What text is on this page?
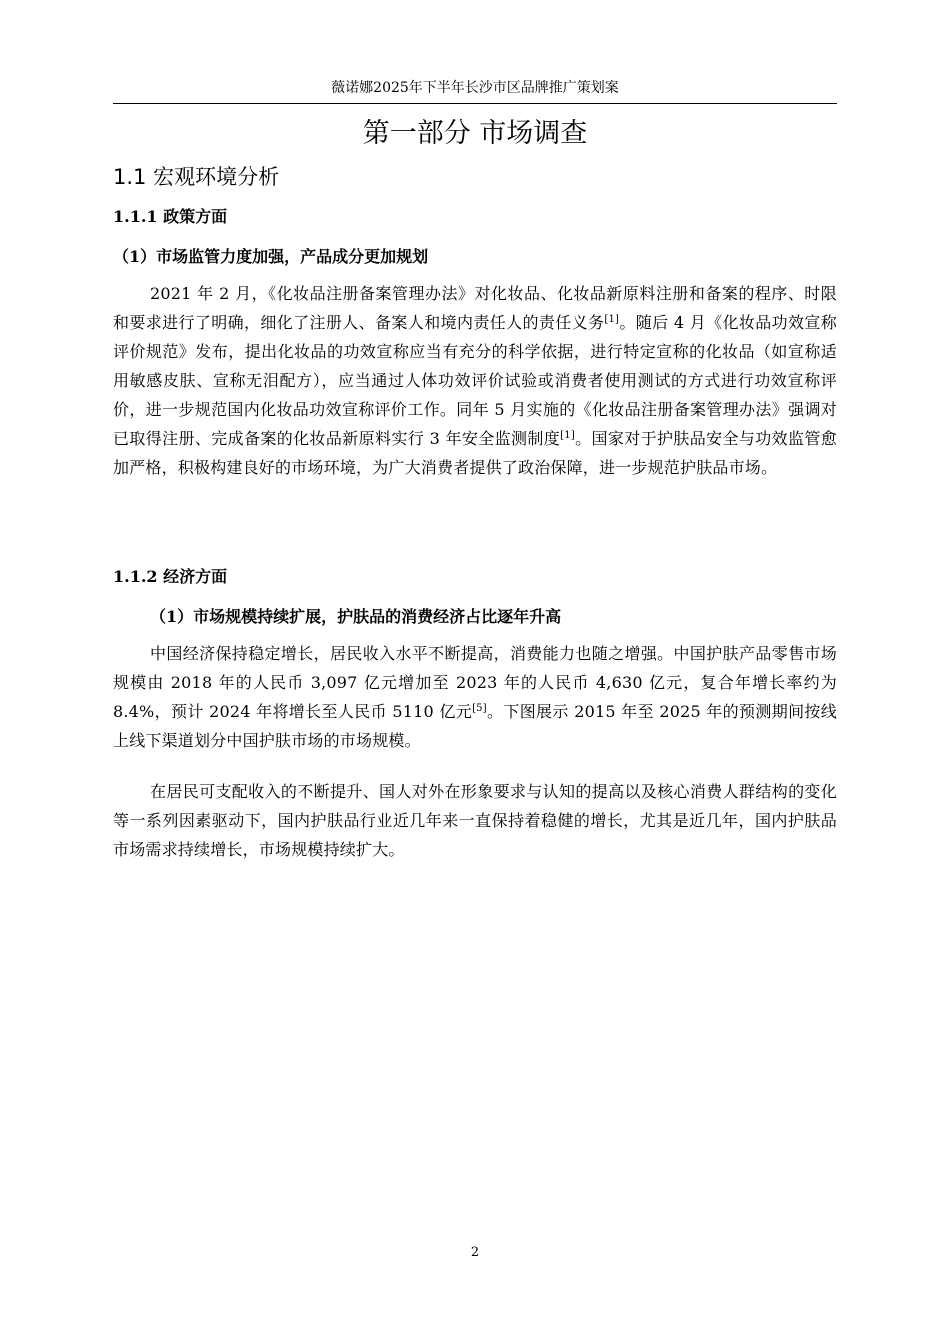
薇诺娜2025年下半年长沙市区品牌推广策划案
第一部分 市场调查
1.1 宏观环境分析
1.1.1 政策方面
（1）市场监管力度加强，产品成分更加规划

2021 年 2 月，《化妆品注册备案管理办法》对化妆品、化妆品新原料注册和备案的程序、时限和要求进行了明确，细化了注册人、备案人和境内责任人的责任义务[1]。随后 4 月《化妆品功效宣称评价规范》发布，提出化妆品的功效宣称应当有充分的科学依据，进行特定宣称的化妆品（如宣称适用敏感皮肤、宣称无泪配方），应当通过人体功效评价试验或消费者使用测试的方式进行功效宣称评价，进一步规范国内化妆品功效宣称评价工作。同年 5 月实施的《化妆品注册备案管理办法》强调对已取得注册、完成备案的化妆品新原料实行 3 年安全监测制度[1]。国家对于护肤品安全与功效监管愈加严格，积极构建良好的市场环境，为广大消费者提供了政治保障，进一步规范护肤品市场。

1.1.2 经济方面
（1）市场规模持续扩展，护肤品的消费经济占比逐年升高

中国经济保持稳定增长，居民收入水平不断提高，消费能力也随之增强。中国护肤产品零售市场规模由 2018 年的人民币 3,097 亿元增加至 2023 年的人民币 4,630 亿元，复合年增长率约为 8.4%，预计 2024 年将增长至人民币 5110 亿元[5]。下图展示 2015 年至 2025 年的预测期间按线上线下渠道划分中国护肤市场的市场规模。

在居民可支配收入的不断提升、国人对外在形象要求与认知的提高以及核心消费人群结构的变化等一系列因素驱动下，国内护肤品行业近几年来一直保持着稳健的增长，尤其是近几年，国内护肤品市场需求持续增长，市场规模持续扩大。

2
